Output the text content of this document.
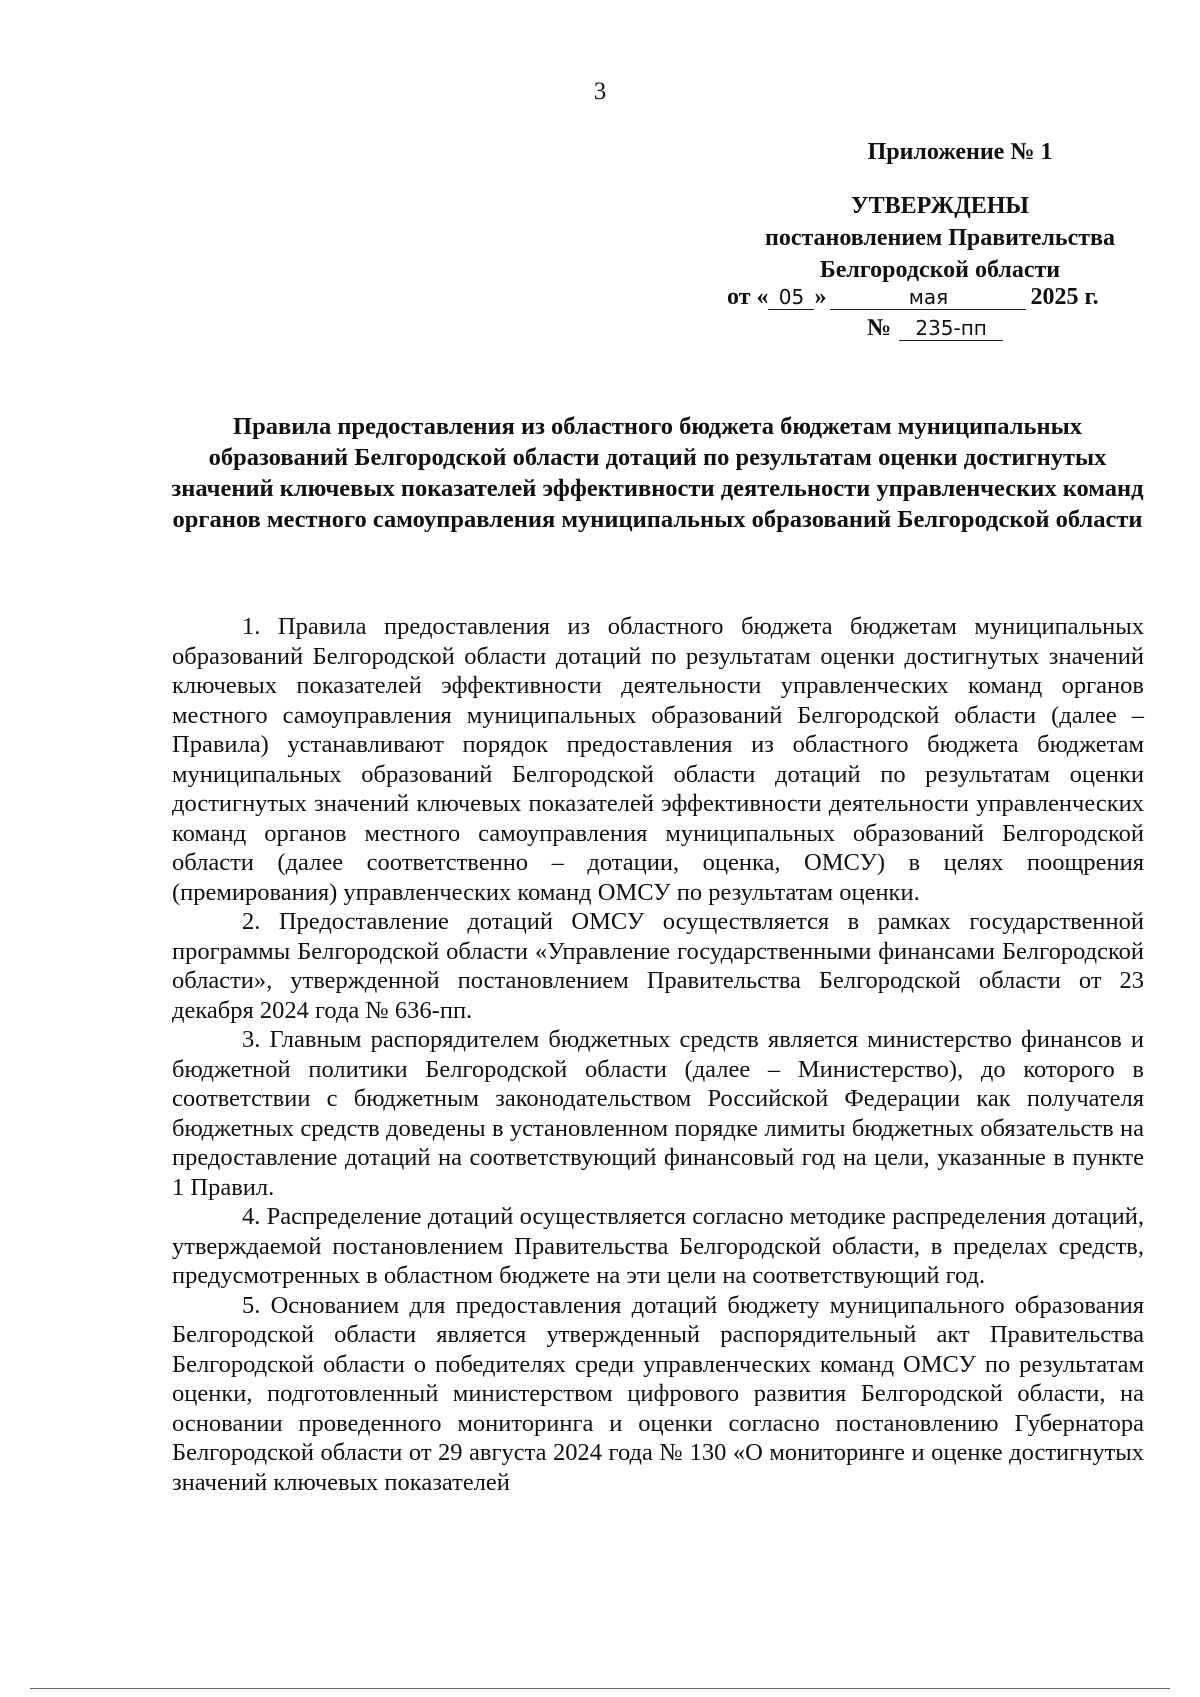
3
Приложение № 1
УТВЕРЖДЕНЫ
постановлением Правительства
Белгородской области
от « 05 »	мая	2025 г.
№ 235-пп
Правила предоставления из областного бюджета бюджетам муниципальных образований Белгородской области дотаций по результатам оценки достигнутых значений ключевых показателей эффективности деятельности управленческих команд органов местного самоуправления муниципальных образований Белгородской области

1. Правила предоставления из областного бюджета бюджетам муниципальных образований Белгородской области дотаций по результатам оценки достигнутых значений ключевых показателей эффективности деятельности управленческих команд органов местного самоуправления муниципальных образований Белгородской области (далее – Правила) устанавливают порядок предоставления из областного бюджета бюджетам муниципальных образований Белгородской области дотаций по результатам оценки достигнутых значений ключевых показателей эффективности деятельности управленческих команд органов местного самоуправления муниципальных образований Белгородской области (далее соответственно – дотации, оценка, ОМСУ) в целях поощрения (премирования) управленческих команд ОМСУ по результатам оценки.

2. Предоставление дотаций ОМСУ осуществляется в рамках государственной программы Белгородской области «Управление государственными финансами Белгородской области», утвержденной постановлением Правительства Белгородской области от 23 декабря 2024 года № 636-пп.

3. Главным распорядителем бюджетных средств является министерство финансов и бюджетной политики Белгородской области (далее – Министерство), до которого в соответствии с бюджетным законодательством Российской Федерации как получателя бюджетных средств доведены в установленном порядке лимиты бюджетных обязательств на предоставление дотаций на соответствующий финансовый год на цели, указанные в пункте 1 Правил.

4. Распределение дотаций осуществляется согласно методике распределения дотаций, утверждаемой постановлением Правительства Белгородской области, в пределах средств, предусмотренных в областном бюджете на эти цели на соответствующий год.

5. Основанием для предоставления дотаций бюджету муниципального образования Белгородской области является утвержденный распорядительный акт Правительства Белгородской области о победителях среди управленческих команд ОМСУ по результатам оценки, подготовленный министерством цифрового развития Белгородской области, на основании проведенного мониторинга и оценки согласно постановлению Губернатора Белгородской области от 29 августа 2024 года № 130 «О мониторинге и оценке достигнутых значений ключевых показателей
